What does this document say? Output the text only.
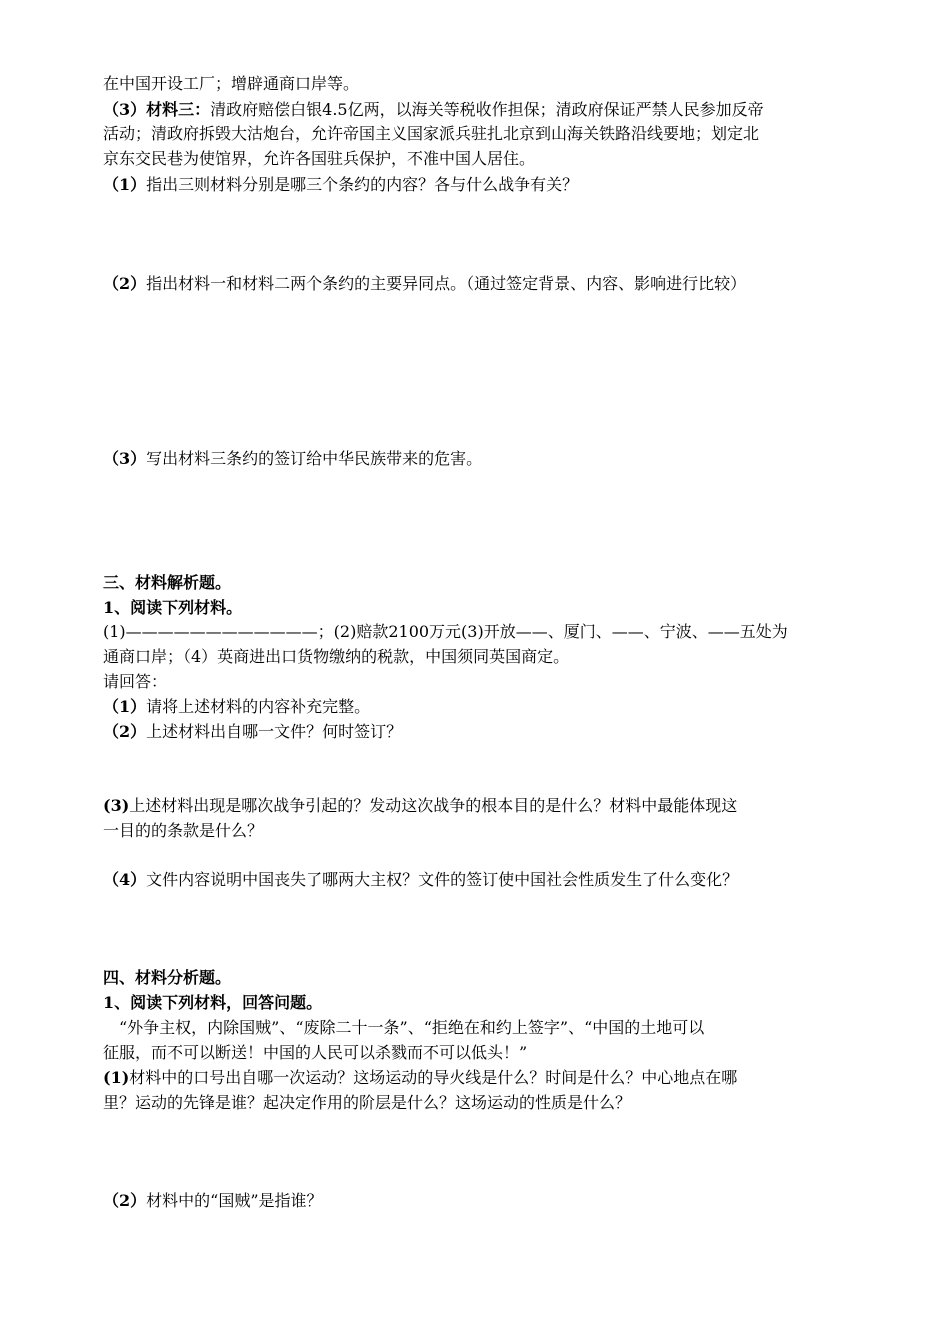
在中国开设工厂；增辟通商口岸等。
（3）材料三：清政府赔偿白银4.5亿两，以海关等税收作担保；清政府保证严禁人民参加反帝
活动；清政府拆毁大沽炮台，允许帝国主义国家派兵驻扎北京到山海关铁路沿线要地；划定北
京东交民巷为使馆界，允许各国驻兵保护，不准中国人居住。
（1）指出三则材料分别是哪三个条约的内容？各与什么战争有关？
（2）指出材料一和材料二两个条约的主要异同点。（通过签定背景、内容、影响进行比较）
（3）写出材料三条约的签订给中华民族带来的危害。
三、材料解析题。
1、阅读下列材料。
(1)————————————；(2)赔款2100万元(3)开放——、厦门、——、宁波、——五处为
通商口岸；（4）英商进出口货物缴纳的税款，中国须同英国商定。
请回答：
（1）请将上述材料的内容补充完整。
（2）上述材料出自哪一文件？何时签订？
(3)上述材料出现是哪次战争引起的？发动这次战争的根本目的是什么？材料中最能体现这
一目的的条款是什么？
（4）文件内容说明中国丧失了哪两大主权？文件的签订使中国社会性质发生了什么变化？
四、材料分析题。
1、阅读下列材料，回答问题。
“外争主权，内除国贼”、“废除二十一条”、“拒绝在和约上签字”、“中国的土地可以
征服，而不可以断送！中国的人民可以杀戮而不可以低头！”
(1)材料中的口号出自哪一次运动？这场运动的导火线是什么？时间是什么？中心地点在哪
里？运动的先锋是谁？起决定作用的阶层是什么？这场运动的性质是什么？
（2）材料中的“国贼”是指谁？
